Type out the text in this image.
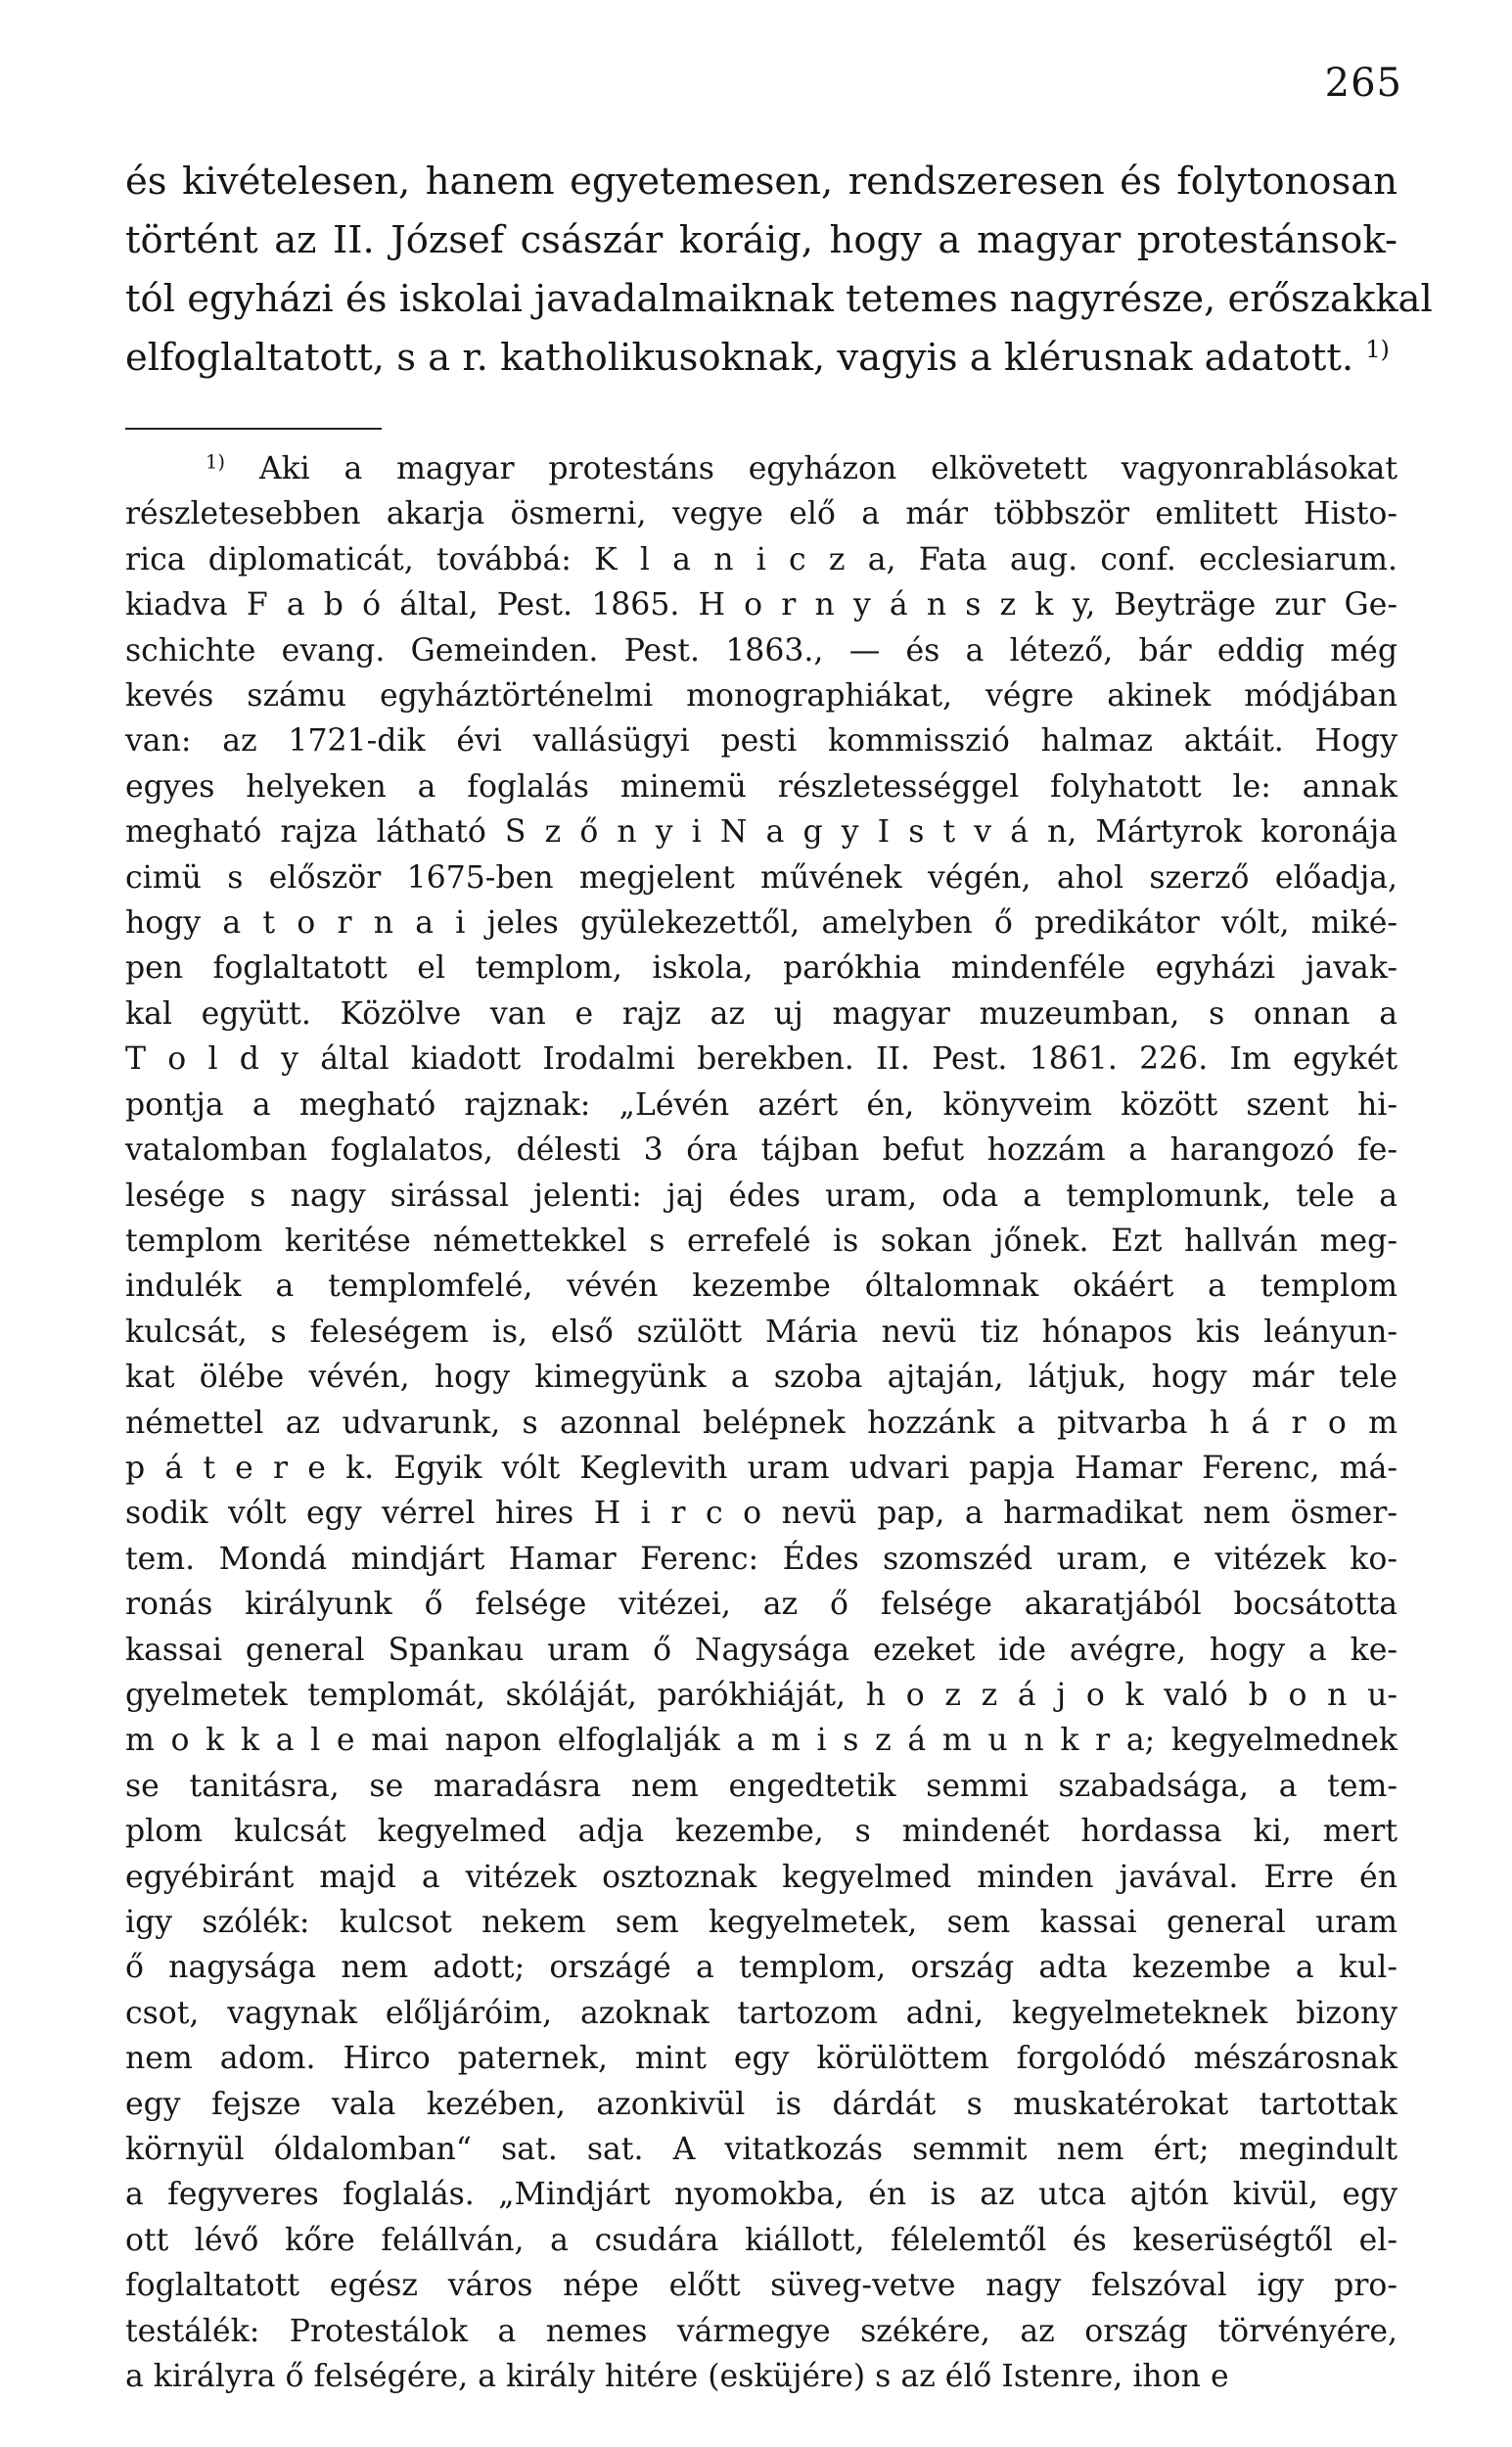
265
és kivételesen, hanem egyetemesen, rendszeresen és folytonosan
történt az II. József császár koráig, hogy a magyar protestánsok-
tól egyházi és iskolai javadalmaiknak tetemes nagyrésze, erőszakkal
elfoglaltatott, s a r. katholikusoknak, vagyis a klérusnak adatott. $^{1)}$
$^{1)}$ Aki a magyar protestáns egyházon elkövetett vagyonrablásokat
részletesebben akarja ösmerni, vegye elő a már többször emlitett Histo-
rica diplomaticát, továbbá: K l a n i c z a, Fata aug. conf. ecclesiarum.
kiadva F a b ó által, Pest. 1865. H o r n y á n s z k y, Beyträge zur Ge-
schichte evang. Gemeinden. Pest. 1863., — és a létező, bár eddig még
kevés számu egyháztörténelmi monographiákat, végre akinek módjában
van: az 1721-dik évi vallásügyi pesti kommisszió halmaz aktáit. Hogy
egyes helyeken a foglalás minemü részletességgel folyhatott le: annak
megható rajza látható S z ő n y i N a g y I s t v á n, Mártyrok koronája
cimü s először 1675-ben megjelent művének végén, ahol szerző előadja,
hogy a t o r n a i jeles gyülekezettől, amelyben ő predikátor vólt, miké-
pen foglaltatott el templom, iskola, parókhia mindenféle egyházi javak-
kal együtt. Közölve van e rajz az uj magyar muzeumban, s onnan a
T o l d y által kiadott Irodalmi berekben. II. Pest. 1861. 226. Im egykét
pontja a megható rajznak: „Lévén azért én, könyveim között szent hi-
vatalomban foglalatos, délesti 3 óra tájban befut hozzám a harangozó fe-
lesége s nagy sirással jelenti: jaj édes uram, oda a templomunk, tele a
templom keritése némettekkel s errefelé is sokan jőnek. Ezt hallván meg-
indulék a templomfelé, vévén kezembe óltalomnak okáért a templom
kulcsát, s feleségem is, első szülött Mária nevü tiz hónapos kis leányun-
kat ölébe vévén, hogy kimegyünk a szoba ajtaján, látjuk, hogy már tele
némettel az udvarunk, s azonnal belépnek hozzánk a pitvarba h á r o m
p á t e r e k. Egyik vólt Keglevith uram udvari papja Hamar Ferenc, má-
sodik vólt egy vérrel hires H i r c o nevü pap, a harmadikat nem ösmer-
tem. Mondá mindjárt Hamar Ferenc: Édes szomszéd uram, e vitézek ko-
ronás királyunk ő felsége vitézei, az ő felsége akaratjából bocsátotta
kassai general Spankau uram ő Nagysága ezeket ide avégre, hogy a ke-
gyelmetek templomát, skóláját, parókhiáját, h o z z á j o k való b o n u-
m o k k a l e mai napon elfoglalják a m i s z á m u n k r a; kegyelmednek
se tanitásra, se maradásra nem engedtetik semmi szabadsága, a tem-
plom kulcsát kegyelmed adja kezembe, s mindenét hordassa ki, mert
egyébiránt majd a vitézek osztoznak kegyelmed minden javával. Erre én
igy szólék: kulcsot nekem sem kegyelmetek, sem kassai general uram
ő nagysága nem adott; országé a templom, ország adta kezembe a kul-
csot, vagynak előljáróim, azoknak tartozom adni, kegyelmeteknek bizony
nem adom. Hirco paternek, mint egy körülöttem forgolódó mészárosnak
egy fejsze vala kezében, azonkivül is dárdát s muskatérokat tartottak
környül óldalomban“ sat. sat. A vitatkozás semmit nem ért; megindult
a fegyveres foglalás. „Mindjárt nyomokba, én is az utca ajtón kivül, egy
ott lévő kőre felállván, a csudára kiállott, félelemtől és keserüségtől el-
foglaltatott egész város népe előtt süveg-vetve nagy felszóval igy pro-
testálék: Protestálok a nemes vármegye székére, az ország törvényére,
a királyra ő felségére, a király hitére (esküjére) s az élő Istenre, ihon e
